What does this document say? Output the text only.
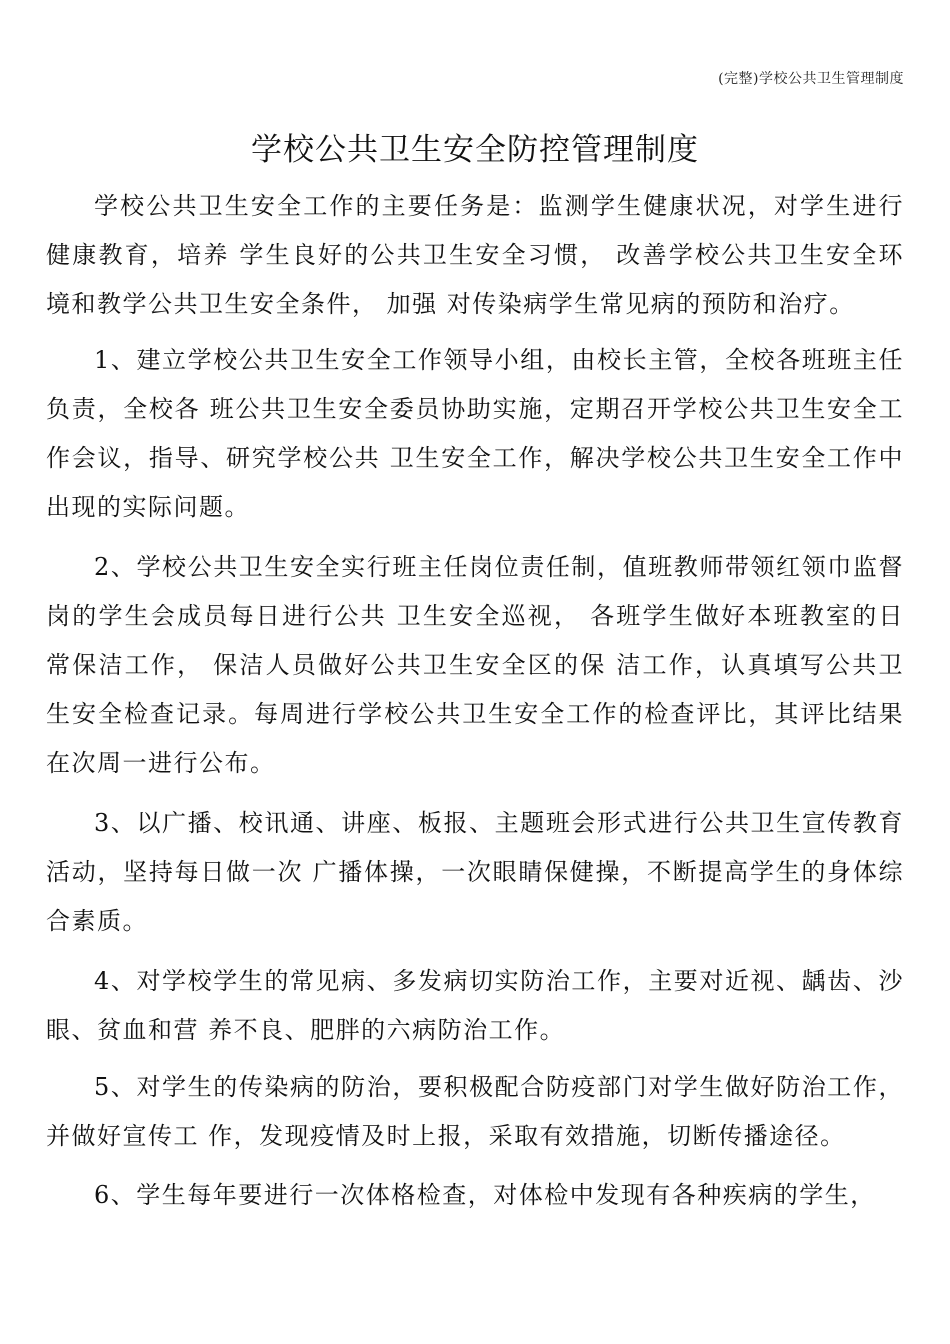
(完整)学校公共卫生管理制度
学校公共卫生安全防控管理制度

学校公共卫生安全工作的主要任务是：监测学生健康状况，对学生进行健康教育，培养 学生良好的公共卫生安全习惯， 改善学校公共卫生安全环境和教学公共卫生安全条件， 加强 对传染病学生常见病的预防和治疗。

1、建立学校公共卫生安全工作领导小组，由校长主管，全校各班班主任负责，全校各 班公共卫生安全委员协助实施，定期召开学校公共卫生安全工作会议，指导、研究学校公共 卫生安全工作，解决学校公共卫生安全工作中出现的实际问题。

2、学校公共卫生安全实行班主任岗位责任制，值班教师带领红领巾监督岗的学生会成员每日进行公共 卫生安全巡视， 各班学生做好本班教室的日常保洁工作， 保洁人员做好公共卫生安全区的保 洁工作，认真填写公共卫生安全检查记录。每周进行学校公共卫生安全工作的检查评比，其评比结果在次周一进行公布。

3、以广播、校讯通、讲座、板报、主题班会形式进行公共卫生宣传教育活动，坚持每日做一次 广播体操，一次眼睛保健操，不断提高学生的身体综合素质。

4、对学校学生的常见病、多发病切实防治工作，主要对近视、龋齿、沙眼、贫血和营 养不良、肥胖的六病防治工作。

5、对学生的传染病的防治，要积极配合防疫部门对学生做好防治工作，并做好宣传工 作，发现疫情及时上报，采取有效措施，切断传播途径。

6、学生每年要进行一次体格检查，对体检中发现有各种疾病的学生，
